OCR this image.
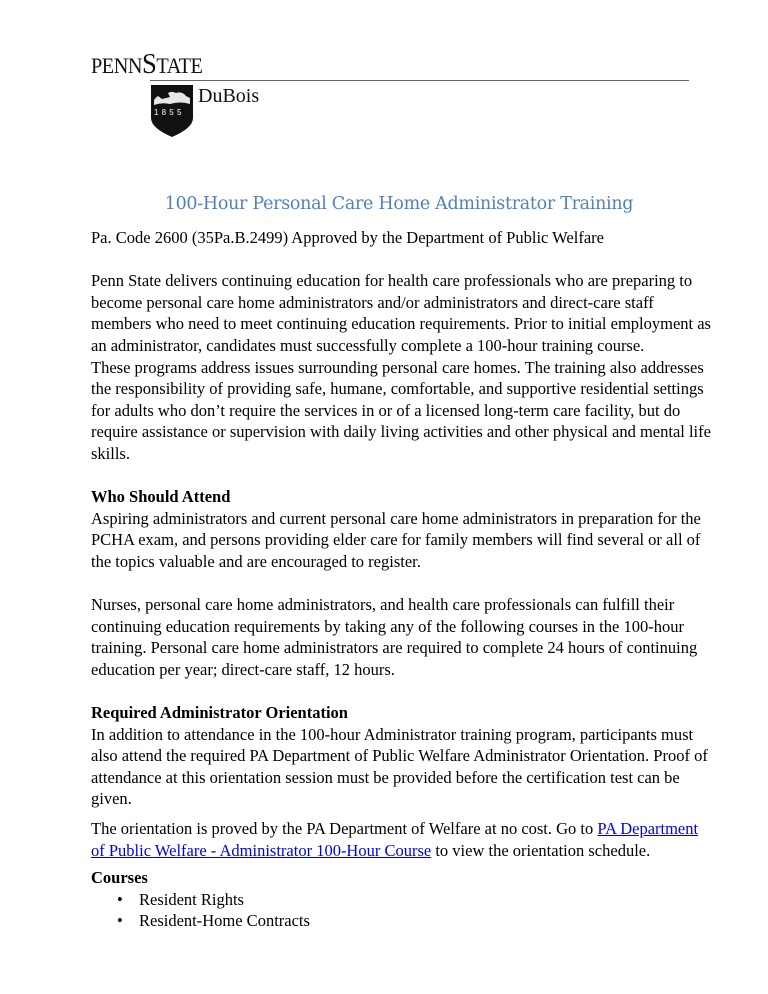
PENNSTATE
1855
DuBois
100-Hour Personal Care Home Administrator Training

Pa. Code 2600 (35Pa.B.2499) Approved by the Department of Public Welfare

Penn State delivers continuing education for health care professionals who are preparing to become personal care home administrators and/or administrators and direct-care staff members who need to meet continuing education requirements. Prior to initial employment as an administrator, candidates must successfully complete a 100-hour training course.

These programs address issues surrounding personal care homes. The training also addresses the responsibility of providing safe, humane, comfortable, and supportive residential settings for adults who don’t require the services in or of a licensed long-term care facility, but do require assistance or supervision with daily living activities and other physical and mental life skills.

Who Should Attend

Aspiring administrators and current personal care home administrators in preparation for the PCHA exam, and persons providing elder care for family members will find several or all of the topics valuable and are encouraged to register.

Nurses, personal care home administrators, and health care professionals can fulfill their continuing education requirements by taking any of the following courses in the 100-hour training. Personal care home administrators are required to complete 24 hours of continuing education per year; direct-care staff, 12 hours.

Required Administrator Orientation

In addition to attendance in the 100-hour Administrator training program, participants must also attend the required PA Department of Public Welfare Administrator Orientation. Proof of attendance at this orientation session must be provided before the certification test can be given.

The orientation is proved by the PA Department of Welfare at no cost. Go to PA Department of Public Welfare - Administrator 100-Hour Course to view the orientation schedule.

Courses

• Resident Rights
• Resident-Home Contracts
